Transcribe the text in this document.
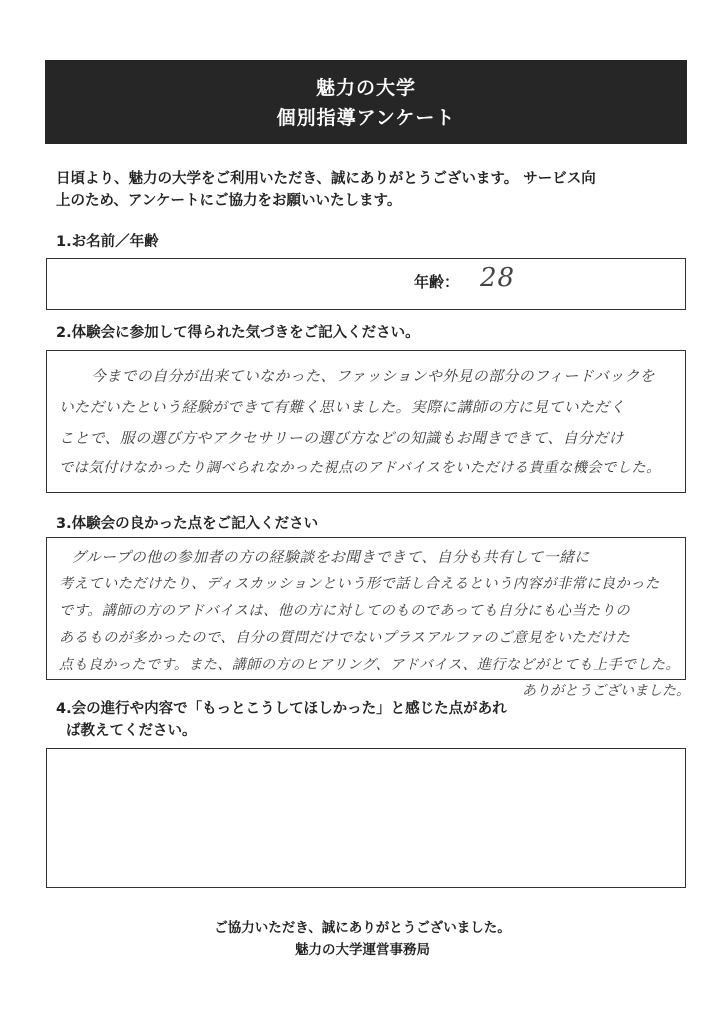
魅力の大学
個別指導アンケート
日頃より、魅力の大学をご利用いただき、誠にありがとうございます。 サービス向
上のため、アンケートにご協力をお願いいたします。
1.お名前／年齢
年齢： 28
2.体験会に参加して得られた気づきをご記入ください。
今までの自分が出来ていなかった、ファッションや外見の部分のフィードバックを
いただいたという経験ができて有難く思いました。実際に講師の方に見ていただく
ことで、服の選び方やアクセサリーの選び方などの知識もお聞きできて、自分だけ
では気付けなかったり調べられなかった視点のアドバイスをいただける貴重な機会でした。
3.体験会の良かった点をご記入ください
グループの他の参加者の方の経験談をお聞きできて、自分も共有して一緒に
考えていただけたり、ディスカッションという形で話し合えるという内容が非常に良かった
です。講師の方のアドバイスは、他の方に対してのものであっても自分にも心当たりの
あるものが多かったので、自分の質問だけでないプラスアルファのご意見をいただけた
点も良かったです。また、講師の方のヒアリング、アドバイス、進行などがとても上手でした。
ありがとうございました。
4.会の進行や内容で「もっとこうしてほしかった」と感じた点があれ
ば教えてください。
ご協力いただき、誠にありがとうございました。
魅力の大学運営事務局
